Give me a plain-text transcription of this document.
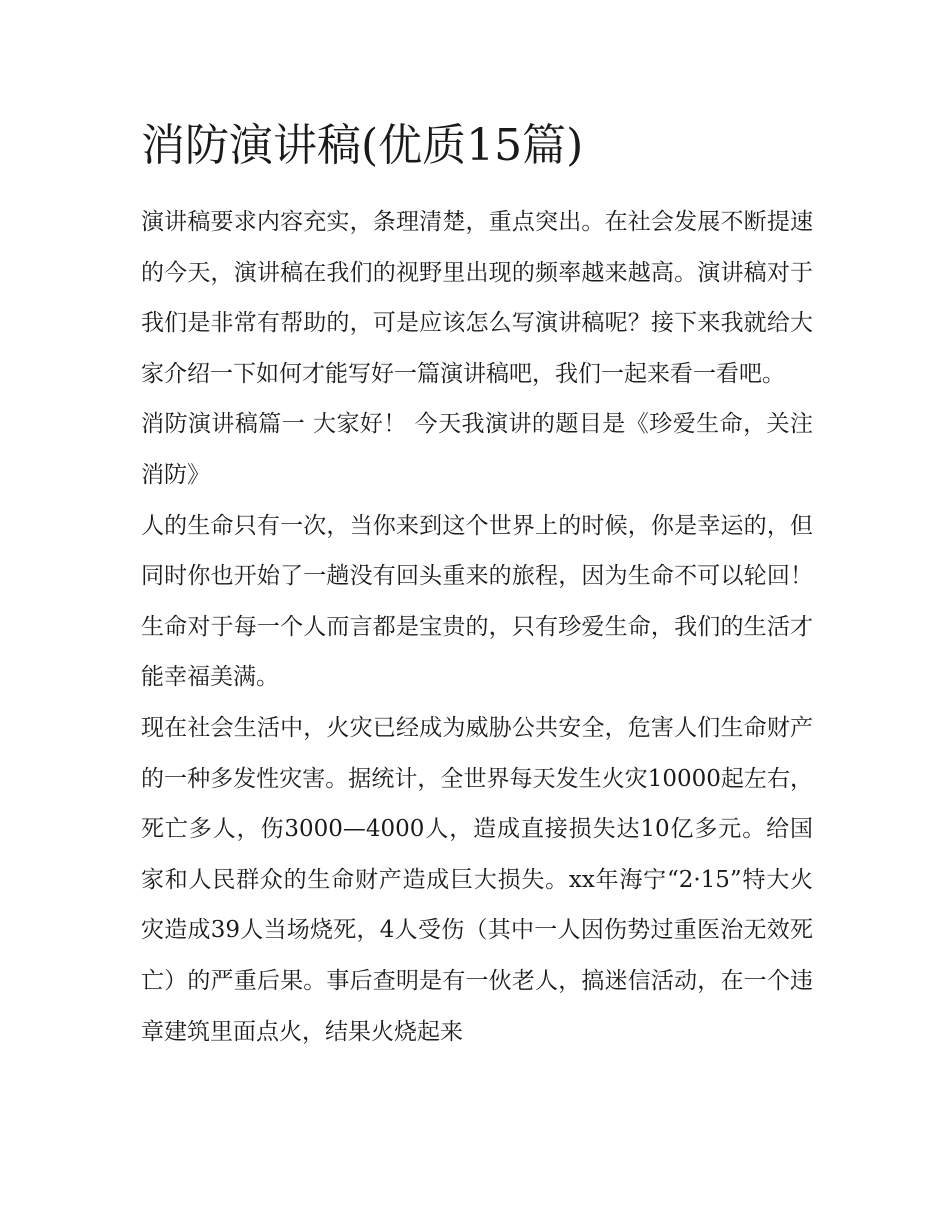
消防演讲稿(优质15篇)

演讲稿要求内容充实，条理清楚，重点突出。在社会发展不断提速的今天，演讲稿在我们的视野里出现的频率越来越高。演讲稿对于我们是非常有帮助的，可是应该怎么写演讲稿呢？接下来我就给大家介绍一下如何才能写好一篇演讲稿吧，我们一起来看一看吧。

消防演讲稿篇一 大家好！ 今天我演讲的题目是《珍爱生命，关注消防》

人的生命只有一次，当你来到这个世界上的时候，你是幸运的，但同时你也开始了一趟没有回头重来的旅程，因为生命不可以轮回！生命对于每一个人而言都是宝贵的，只有珍爱生命，我们的生活才能幸福美满。

现在社会生活中，火灾已经成为威胁公共安全，危害人们生命财产的一种多发性灾害。据统计，全世界每天发生火灾10000起左右，死亡多人，伤3000—4000人，造成直接损失达10亿多元。给国家和人民群众的生命财产造成巨大损失。xx年海宁“2·15”特大火灾造成39人当场烧死，4人受伤（其中一人因伤势过重医治无效死亡）的严重后果。事后查明是有一伙老人，搞迷信活动，在一个违章建筑里面点火，结果火烧起来
